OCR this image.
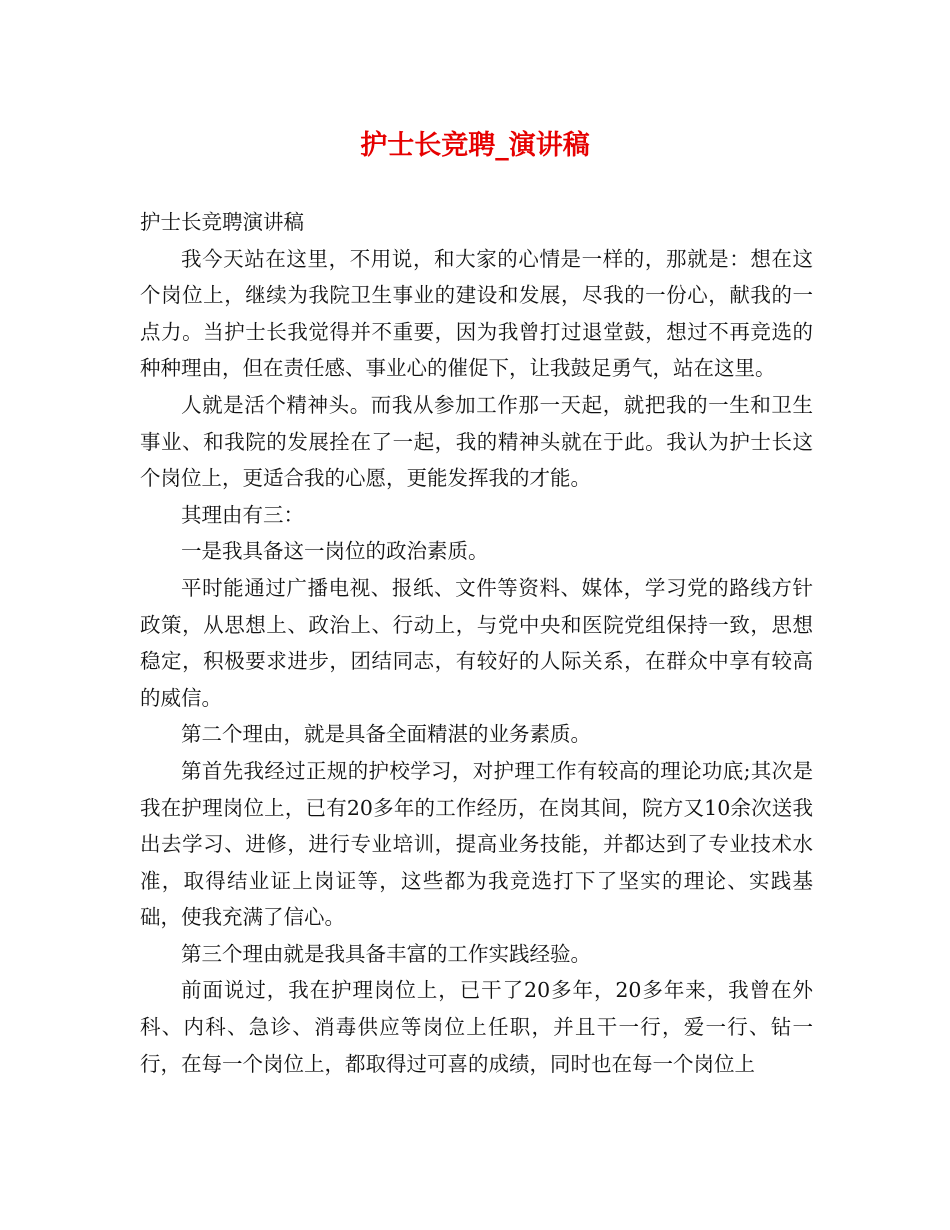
护士长竞聘_演讲稿

护士长竞聘演讲稿

我今天站在这里，不用说，和大家的心情是一样的，那就是：想在这个岗位上，继续为我院卫生事业的建设和发展，尽我的一份心，献我的一点力。当护士长我觉得并不重要，因为我曾打过退堂鼓，想过不再竞选的种种理由，但在责任感、事业心的催促下，让我鼓足勇气，站在这里。

人就是活个精神头。而我从参加工作那一天起，就把我的一生和卫生事业、和我院的发展拴在了一起，我的精神头就在于此。我认为护士长这个岗位上，更适合我的心愿，更能发挥我的才能。

其理由有三：

一是我具备这一岗位的政治素质。

平时能通过广播电视、报纸、文件等资料、媒体，学习党的路线方针政策，从思想上、政治上、行动上，与党中央和医院党组保持一致，思想稳定，积极要求进步，团结同志，有较好的人际关系，在群众中享有较高的威信。

第二个理由，就是具备全面精湛的业务素质。

第首先我经过正规的护校学习，对护理工作有较高的理论功底;其次是我在护理岗位上，已有20多年的工作经历，在岗其间，院方又10余次送我出去学习、进修，进行专业培训，提高业务技能，并都达到了专业技术水准，取得结业证上岗证等，这些都为我竞选打下了坚实的理论、实践基础，使我充满了信心。

第三个理由就是我具备丰富的工作实践经验。

前面说过，我在护理岗位上，已干了20多年，20多年来，我曾在外科、内科、急诊、消毒供应等岗位上任职，并且干一行，爱一行、钻一行，在每一个岗位上，都取得过可喜的成绩，同时也在每一个岗位上
